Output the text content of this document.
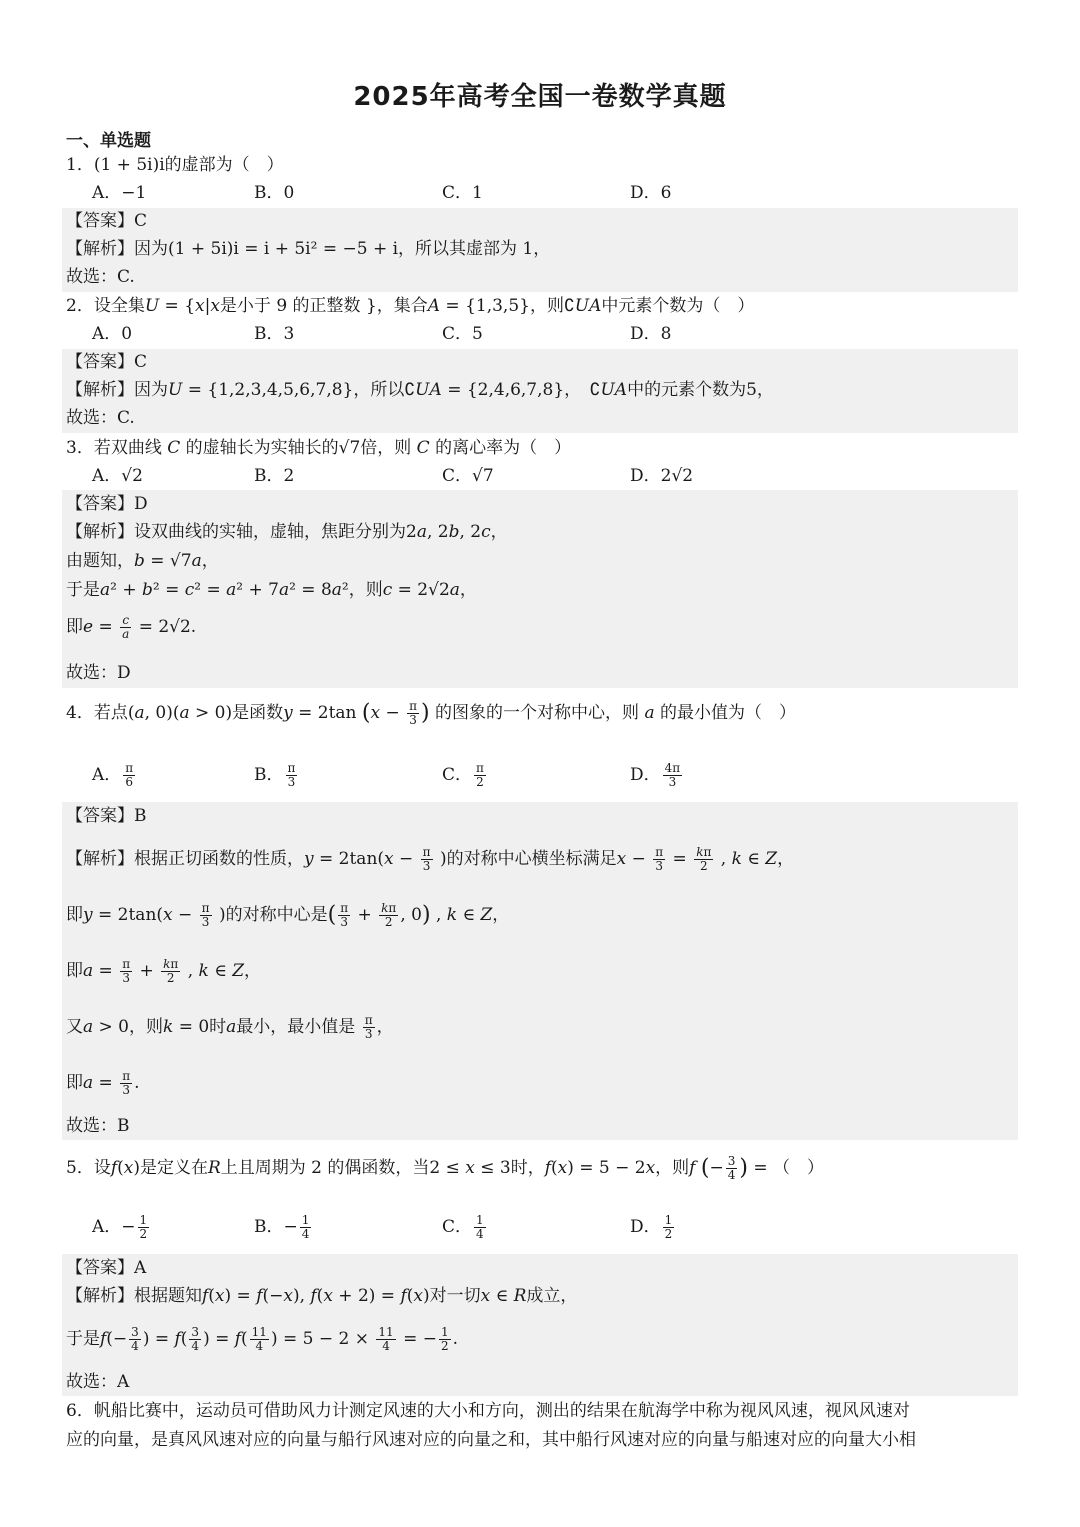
2025年高考全国一卷数学真题
一、单选题
1．(1 + 5i)i的虚部为（　）
A．−1	B．0	C．1	D．6
【答案】C
【解析】因为(1 + 5i)i = i + 5i² = −5 + i，所以其虚部为 1，
故选：C.
2．设全集𝑈 = {𝑥|𝑥是小于 9 的正整数 }，集合𝐴 = {1,3,5}，则∁𝑈𝐴中元素个数为（　）
A．0	B．3	C．5	D．8
【答案】C
【解析】因为𝑈 = {1,2,3,4,5,6,7,8}，所以∁𝑈𝐴 = {2,4,6,7,8}，　∁𝑈𝐴中的元素个数为5，
故选：C.
3．若双曲线 𝐶 的虚轴长为实轴长的√7倍，则 𝐶 的离心率为（　）
A．√2	B．2	C．√7	D．2√2
【答案】D
【解析】设双曲线的实轴，虚轴，焦距分别为2𝑎, 2𝑏, 2𝑐，
由题知，𝑏 = √7𝑎，
于是𝑎² + 𝑏² = 𝑐² = 𝑎² + 7𝑎² = 8𝑎²，则𝑐 = 2√2𝑎，
即𝑒 = $\frac{\text{𝑐}}{\text{𝑎}} = 2√2$.
故选：D
4．若点(𝑎, 0)(𝑎 > 0)是函数𝑦 = 2tan (𝑥 − $\frac{\pi}{3}$ ) 的图象的一个对称中心，则 𝑎 的最小值为（　）
A． $\frac{\pi}{6}$	B． $\frac{\pi}{3}$	C． $\frac{\pi}{2}$	D． $\frac{4\pi}{3}$
【答案】B
【解析】根据正切函数的性质，𝑦 = 2tan(𝑥 − $\frac{\pi}{3}$ )的对称中心横坐标满足𝑥 − $\frac{\pi}{3} = \frac{\text{𝑘π}}{2}$ , 𝑘 ∈ 𝑍，
即𝑦 = 2tan(𝑥 − $\frac{\pi}{3}$ )的对称中心是( $\frac{\pi}{3} + \frac{\text{𝑘π}}{2}$ , 0) , 𝑘 ∈ 𝑍，
即𝑎 = $\frac{\pi}{3} + \frac{\text{𝑘π}}{2}$ , 𝑘 ∈ 𝑍，
又𝑎 > 0，则𝑘 = 0时𝑎最小，最小值是 $\frac{\pi}{3}$ ，
即𝑎 = $\frac{\pi}{3}$ .
故选：B
5．设𝑓(𝑥)是定义在𝑅上且周期为 2 的偶函数，当2 ≤ 𝑥 ≤ 3时，𝑓(𝑥) = 5 − 2𝑥，则𝑓 (− $\frac{3}{4}$ ) = （　）
A．− $\frac{1}{2}$	B．− $\frac{1}{4}$	C． $\frac{1}{4}$	D． $\frac{1}{2}$
【答案】A
【解析】根据题知𝑓(𝑥) = 𝑓(−𝑥), 𝑓(𝑥 + 2) = 𝑓(𝑥)对一切𝑥 ∈ 𝑅成立，
于是𝑓(− $\frac{3}{4}$ ) = 𝑓( $\frac{3}{4}$ ) = 𝑓( $\frac{11}{4}$ ) = $5 - 2 \times \frac{11}{4}$ = − $\frac{1}{2}$ .
故选：A
6．帆船比赛中，运动员可借助风力计测定风速的大小和方向，测出的结果在航海学中称为视风风速，视风风速对
应的向量，是真风风速对应的向量与船行风速对应的向量之和，其中船行风速对应的向量与船速对应的向量大小相
